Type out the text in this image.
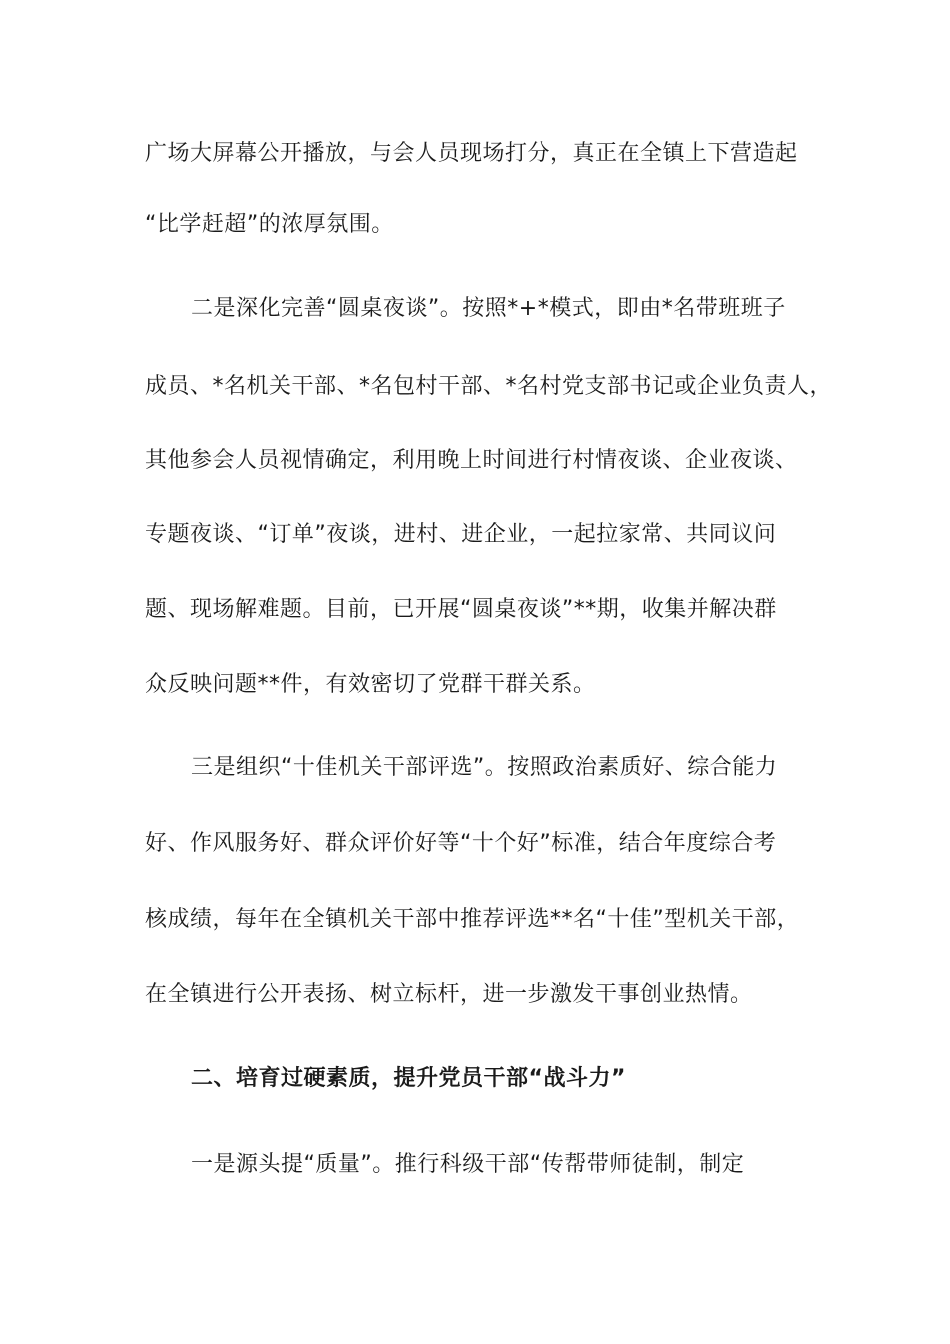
广场大屏幕公开播放，与会人员现场打分，真正在全镇上下营造起
“比学赶超”的浓厚氛围。
二是深化完善“圆桌夜谈”。按照*+*模式，即由*名带班班子
成员、*名机关干部、*名包村干部、*名村党支部书记或企业负责人，
其他参会人员视情确定，利用晚上时间进行村情夜谈、企业夜谈、
专题夜谈、“订单”夜谈，进村、进企业，一起拉家常、共同议问
题、现场解难题。目前，已开展“圆桌夜谈”**期，收集并解决群
众反映问题**件，有效密切了党群干群关系。
三是组织“十佳机关干部评选”。按照政治素质好、综合能力
好、作风服务好、群众评价好等“十个好”标准，结合年度综合考
核成绩，每年在全镇机关干部中推荐评选**名“十佳”型机关干部，
在全镇进行公开表扬、树立标杆，进一步激发干事创业热情。
二、培育过硬素质，提升党员干部“战斗力”
一是源头提“质量”。推行科级干部“传帮带师徒制，制定
